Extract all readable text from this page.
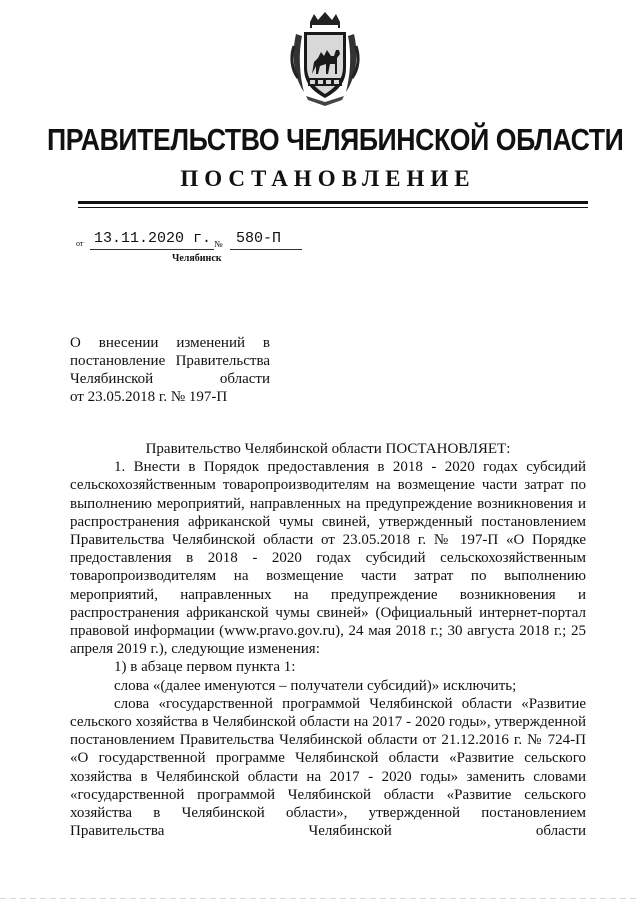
ПРАВИТЕЛЬСТВО ЧЕЛЯБИНСКОЙ ОБЛАСТИ
ПОСТАНОВЛЕНИЕ
от 13.11.2020 г. № 580-П
Челябинск
О внесении изменений в
постановление Правительства
Челябинской области
от 23.05.2018 г. № 197-П
Правительство Челябинской области ПОСТАНОВЛЯЕТ:

1. Внести в Порядок предоставления в 2018 - 2020 годах субсидий сельскохозяйственным товаропроизводителям на возмещение части затрат по выполнению мероприятий, направленных на предупреждение возникновения и распространения африканской чумы свиней, утвержденный постановлением Правительства Челябинской области от 23.05.2018 г. № 197-П «О Порядке предоставления в 2018 - 2020 годах субсидий сельскохозяйственным товаропроизводителям на возмещение части затрат по выполнению мероприятий, направленных на предупреждение возникновения и распространения африканской чумы свиней» (Официальный интернет-портал правовой информации (www.pravo.gov.ru), 24 мая 2018 г.; 30 августа 2018 г.; 25 апреля 2019 г.), следующие изменения:

1) в абзаце первом пункта 1:

слова «(далее именуются – получатели субсидий)» исключить;

слова «государственной программой Челябинской области «Развитие сельского хозяйства в Челябинской области на 2017 - 2020 годы», утвержденной постановлением Правительства Челябинской области от 21.12.2016 г. № 724-П «О государственной программе Челябинской области «Развитие сельского хозяйства в Челябинской области на 2017 - 2020 годы» заменить словами «государственной программой Челябинской области «Развитие сельского хозяйства в Челябинской области», утвержденной постановлением Правительства Челябинской области
